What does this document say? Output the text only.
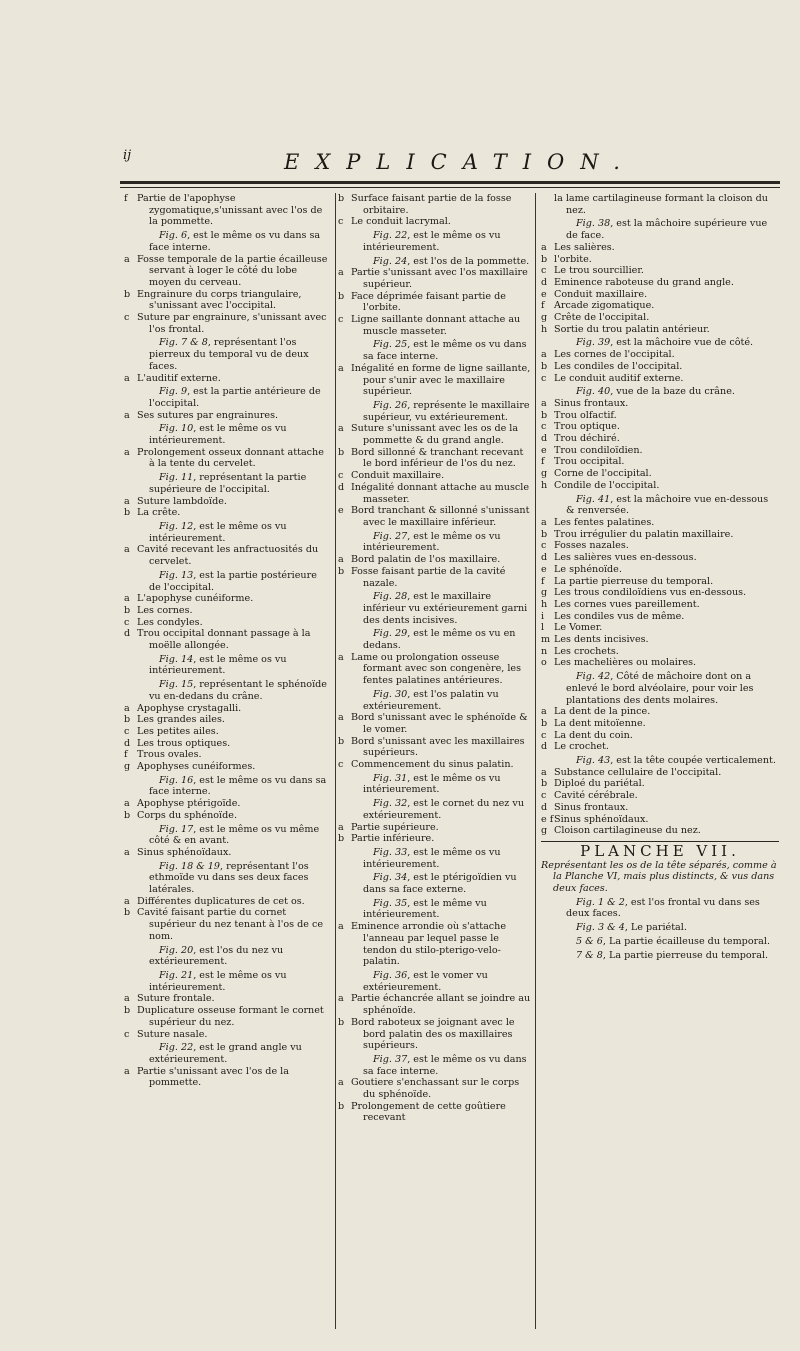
ij	EXPLICATION.
f Partie de l'apophyse zygomatique,s'unissant avec l'os de la pommette.
Fig. 6, est le même os vu dans sa face interne.
a Fosse temporale de la partie écailleuse servant à loger le côté du lobe moyen du cerveau.
b Engrainure du corps triangulaire, s'unissant avec l'occipital.
c Suture par engrainure, s'unissant avec l'os frontal.
Fig. 7 & 8, représentant l'os pierreux du temporal vu de deux faces.
a L'auditif externe.
Fig. 9, est la partie antérieure de l'occipital.
a Ses sutures par engrainures.
Fig. 10, est le même os vu intérieurement.
a Prolongement osseux donnant attache à la tente du cervelet.
Fig. 11, représentant la partie supérieure de l'occipital.
a Suture lambdoïde.
b La crête.
Fig. 12, est le même os vu intérieurement.
a Cavité recevant les anfractuosités du cervelet.
Fig. 13, est la partie postérieure de l'occipital.
a L'apophyse cunéiforme.
b Les cornes.
c Les condyles.
d Trou occipital donnant passage à la moëlle allongée.
Fig. 14, est le même os vu intérieurement.
Fig. 15, représentant le sphénoïde vu en-dedans du crâne.
a Apophyse crystagalli.
b Les grandes ailes.
c Les petites ailes.
d Les trous optiques.
f Trous ovales.
g Apophyses cunéiformes.
Fig. 16, est le même os vu dans sa face interne.
a Apophyse ptérigoïde.
b Corps du sphénoïde.
Fig. 17, est le même os vu même côté & en avant.
a Sinus sphénoïdaux.
Fig. 18 & 19, représentant l'os ethmoïde vu dans ses deux faces latérales.
a Différentes duplicatures de cet os.
b Cavité faisant partie du cornet supérieur du nez tenant à l'os de ce nom.
Fig. 20, est l'os du nez vu extérieurement.
Fig. 21, est le même os vu intérieurement.
a Suture frontale.
b Duplicature osseuse formant le cornet supérieur du nez.
c Suture nasale.
Fig. 22, est le grand angle vu extérieurement.
a Partie s'unissant avec l'os de la pommette.
b Surface faisant partie de la fosse orbitaire.
c Le conduit lacrymal.
Fig. 22, est le même os vu intérieurement.
Fig. 24, est l'os de la pommette.
a Partie s'unissant avec l'os maxillaire supérieur.
b Face déprimée faisant partie de l'orbite.
c Ligne saillante donnant attache au muscle masseter.
Fig. 25, est le même os vu dans sa face interne.
a Inégalité en forme de ligne saillante, pour s'unir avec le maxillaire supérieur.
Fig. 26, représente le maxillaire supérieur, vu extérieurement.
a Suture s'unissant avec les os de la pommette & du grand angle.
b Bord sillonné & tranchant recevant le bord inférieur de l'os du nez.
c Conduit maxillaire.
d Inégalité donnant attache au muscle masseter.
e Bord tranchant & sillonné s'unissant avec le maxillaire inférieur.
Fig. 27, est le même os vu intérieurement.
a Bord palatin de l'os maxillaire.
b Fosse faisant partie de la cavité nazale.
Fig. 28, est le maxillaire inférieur vu extérieurement garni des dents incisives.
Fig. 29, est le même os vu en dedans.
a Lame ou prolongation osseuse formant avec son congenère, les fentes palatines antérieures.
Fig. 30, est l'os palatin vu extérieurement.
a Bord s'unissant avec le sphénoïde & le vomer.
b Bord s'unissant avec les maxillaires supérieurs.
c Commencement du sinus palatin.
Fig. 31, est le même os vu intérieurement.
Fig. 32, est le cornet du nez vu extérieurement.
a Partie supérieure.
b Partie inférieure.
Fig. 33, est le même os vu intérieurement.
Fig. 34, est le ptérigoïdien vu dans sa face externe.
Fig. 35, est le même vu intérieurement.
a Eminence arrondie où s'attache l'anneau par lequel passe le tendon du stilo-pterigo-velo-palatin.
Fig. 36, est le vomer vu extérieurement.
a Partie échancrée allant se joindre au sphénoïde.
b Bord raboteux se joignant avec le bord palatin des os maxillaires supérieurs.
Fig. 37, est le même os vu dans sa face interne.
a Goutiere s'enchassant sur le corps du sphénoïde.
b Prolongement de cette goûtiere recevant
la lame cartilagineuse formant la cloison du nez.
Fig. 38, est la mâchoire supérieure vue de face.
a Les salières.
b l'orbite.
c Le trou sourcillier.
d Eminence raboteuse du grand angle.
e Conduit maxillaire.
f Arcade zigomatique.
g Crête de l'occipital.
h Sortie du trou palatin antérieur.
Fig. 39, est la mâchoire vue de côté.
a Les cornes de l'occipital.
b Les condiles de l'occipital.
c Le conduit auditif externe.
Fig. 40, vue de la baze du crâne.
a Sinus frontaux.
b Trou olfactif.
c Trou optique.
d Trou déchiré.
e Trou condiloïdien.
f Trou occipital.
g Corne de l'occipital.
h Condile de l'occipital.
Fig. 41, est la mâchoire vue en-dessous & renversée.
a Les fentes palatines.
b Trou irrégulier du palatin maxillaire.
c Fosses nazales.
d Les salières vues en-dessous.
e Le sphénoïde.
f La partie pierreuse du temporal.
g Les trous condiloïdiens vus en-dessous.
h Les cornes vues pareillement.
i	Les condiles vus de même.
l	Le Vomer.
m Les dents incisives.
n Les crochets.
o Les machelières ou molaires.
Fig. 42, Côté de mâchoire dont on a enlevé le bord alvéolaire, pour voir les plantations des dents molaires.
a La dent de la pince.
b La dent mitoïenne.
c La dent du coin.
d Le crochet.
Fig. 43, est la tête coupée verticalement.
a Substance cellulaire de l'occipital.
b Diploé du pariétal.
c Cavité cérébrale.
d Sinus frontaux.
e f Sinus sphénoïdaux.
g Cloison cartilagineuse du nez.
PLANCHE VII.
Représentant les os de la tête séparés, comme à la Planche VI, mais plus distincts, & vus dans deux faces.
Fig. 1 & 2, est l'os frontal vu dans ses deux faces.
Fig. 3 & 4, Le pariétal.
5 & 6, La partie écailleuse du temporal.
7 & 8, La partie pierreuse du temporal.
